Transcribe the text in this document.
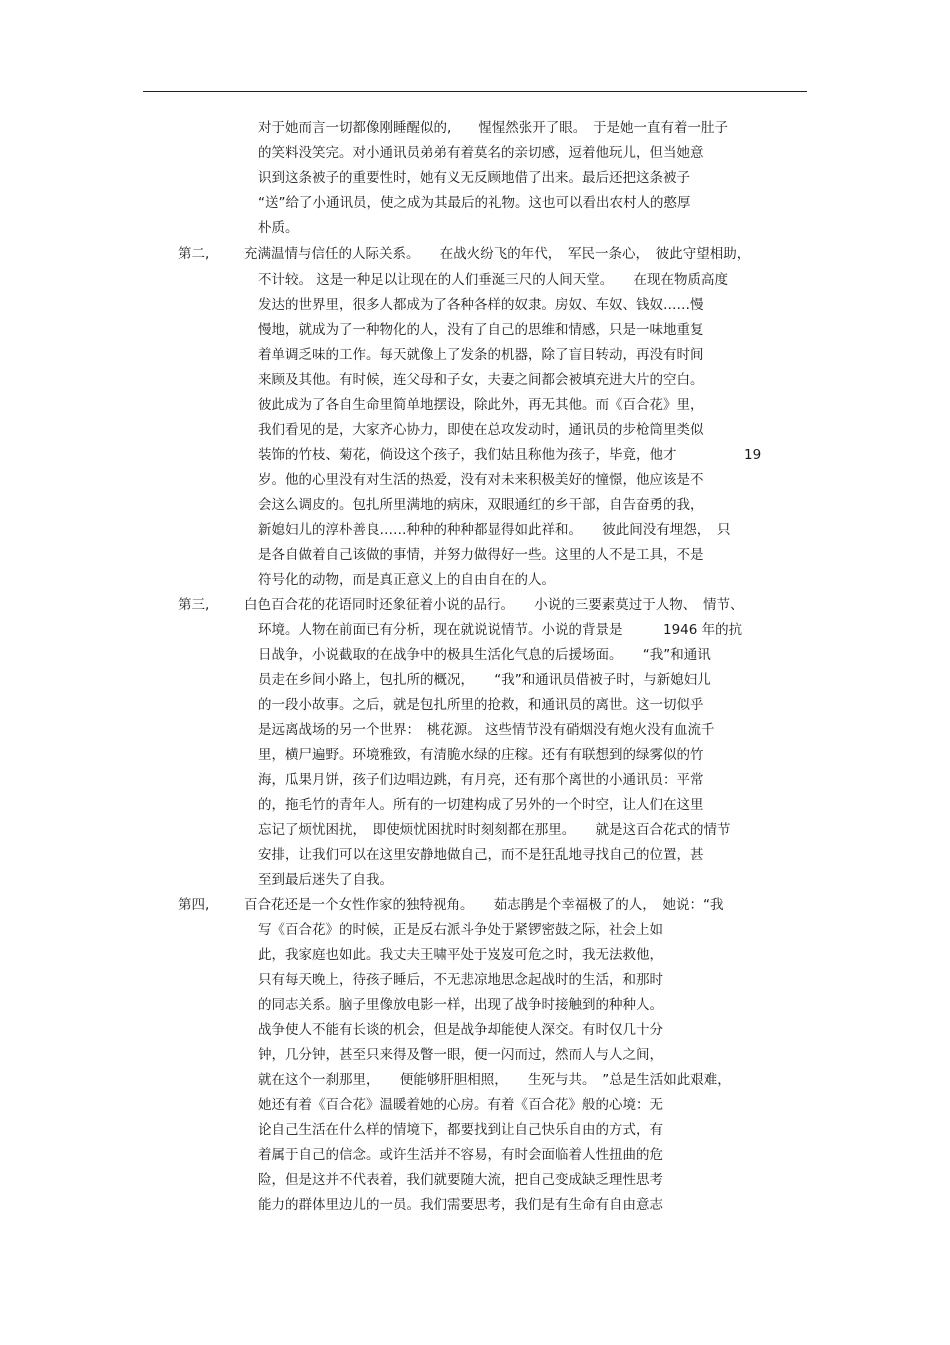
对于她而言一切都像刚睡醒似的,　　惺惺然张开了眼。　于是她一直有着一肚子
的笑料没笑完。对小通讯员弟弟有着莫名的亲切感，逗着他玩儿，但当她意
识到这条被子的重要性时，她有义无反顾地借了出来。最后还把这条被子
“送”给了小通讯员，使之成为其最后的礼物。这也可以看出农村人的憨厚
朴质。
第二,	充满温情与信任的人际关系。　　在战火纷飞的年代，　军民一条心，　彼此守望相助，
不计较。 这是一种足以让现在的人们垂涎三尺的人间天堂。　　在现在物质高度
发达的世界里，很多人都成为了各种各样的奴隶。房奴、车奴、钱奴……慢
慢地，就成为了一种物化的人，没有了自己的思维和情感，只是一味地重复
着单调乏味的工作。每天就像上了发条的机器，除了盲目转动，再没有时间
来顾及其他。有时候，连父母和子女，夫妻之间都会被填充进大片的空白。
彼此成为了各自生命里简单地摆设，除此外，再无其他。而《百合花》里，
我们看见的是，大家齐心协力，即使在总攻发动时，通讯员的步枪筒里类似
装饰的竹枝、菊花，倘设这个孩子，我们姑且称他为孩子，毕竟，他才　　　　　19
岁。他的心里没有对生活的热爱，没有对未来积极美好的憧憬，他应该是不
会这么调皮的。包扎所里满地的病床，双眼通红的乡干部，自告奋勇的我，
新媳妇儿的淳朴善良……种种的种种都显得如此祥和。　　彼此间没有埋怨，　只
是各自做着自己该做的事情，并努力做得好一些。这里的人不是工具，不是
符号化的动物，而是真正意义上的自由自在的人。
第三,	白色百合花的花语同时还象征着小说的品行。　　小说的三要素莫过于人物、　情节、
环境。人物在前面已有分析，现在就说说情节。小说的背景是　　　1946 年的抗
日战争，小说截取的在战争中的极具生活化气息的后援场面。　　“我”和通讯
员走在乡间小路上，包扎所的概况，　　“我”和通讯员借被子时，与新媳妇儿
的一段小故事。之后，就是包扎所里的抢救，和通讯员的离世。这一切似乎
是远离战场的另一个世界：　桃花源。 这些情节没有硝烟没有炮火没有血流千
里，横尸遍野。环境雅致，有清脆水绿的庄稼。还有有联想到的绿雾似的竹
海，瓜果月饼，孩子们边唱边跳，有月亮，还有那个离世的小通讯员：平常
的，拖毛竹的青年人。所有的一切建构成了另外的一个时空，让人们在这里
忘记了烦忧困扰，　即使烦忧困扰时时刻刻都在那里。　　就是这百合花式的情节
安排，让我们可以在这里安静地做自己，而不是狂乱地寻找自己的位置，甚
至到最后迷失了自我。
第四,	百合花还是一个女性作家的独特视角。　　茹志鹃是个幸福极了的人，　她说：“我
写《百合花》的时候，正是反右派斗争处于紧锣密鼓之际，社会上如
此，我家庭也如此。我丈夫王啸平处于岌岌可危之时，我无法救他，
只有每天晚上，待孩子睡后，不无悲凉地思念起战时的生活，和那时
的同志关系。脑子里像放电影一样，出现了战争时接触到的种种人。
战争使人不能有长谈的机会，但是战争却能使人深交。有时仅几十分
钟，几分钟，甚至只来得及瞥一眼，便一闪而过，然而人与人之间，
就在这个一刹那里，　　便能够肝胆相照，　　生死与共。　”总是生活如此艰难，
她还有着《百合花》温暖着她的心房。有着《百合花》般的心境：无
论自己生活在什么样的情境下，都要找到让自己快乐自由的方式，有
着属于自己的信念。或许生活并不容易，有时会面临着人性扭曲的危
险，但是这并不代表着，我们就要随大流，把自己变成缺乏理性思考
能力的群体里边儿的一员。我们需要思考，我们是有生命有自由意志
